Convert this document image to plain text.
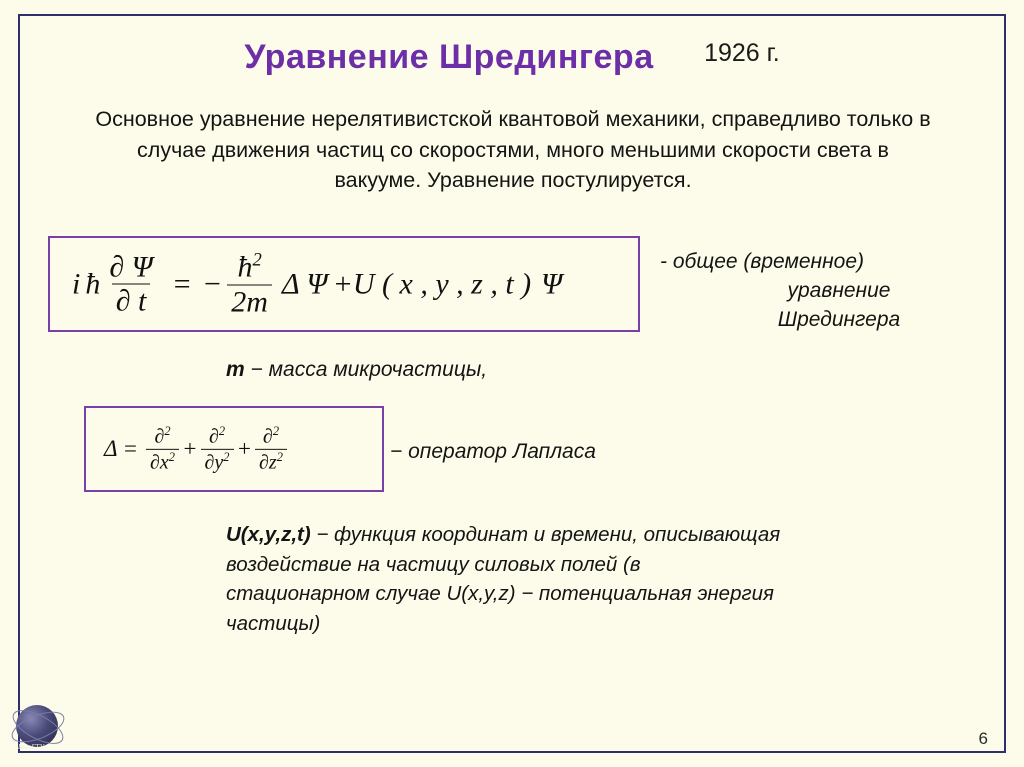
Уравнение Шредингера 1926 г.
Основное уравнение нерелятивистской квантовой механики, справедливо только в случае движения частиц со скоростями, много меньшими скорости света в вакууме. Уравнение постулируется.
i ħ $\frac{\partial \Psi}{\partial t}$ = − $\frac{ħ^2}{2m}$ Δ Ψ + U ( x , y , z , t ) Ψ
- общее (временное)
уравнение
Шредингера
m − масса микрочастицы,
$\Delta = \frac{\partial^2}{\partial x^2} + \frac{\partial^2}{\partial y^2} + \frac{\partial^2}{\partial z^2}$	− оператор Лапласа
U(x,y,z,t) − функция координат и времени, описывающая воздействие на частицу силовых полей (в стационарном случае U(x,y,z) − потенциальная энергия частицы)
ВолгГТУ	6
